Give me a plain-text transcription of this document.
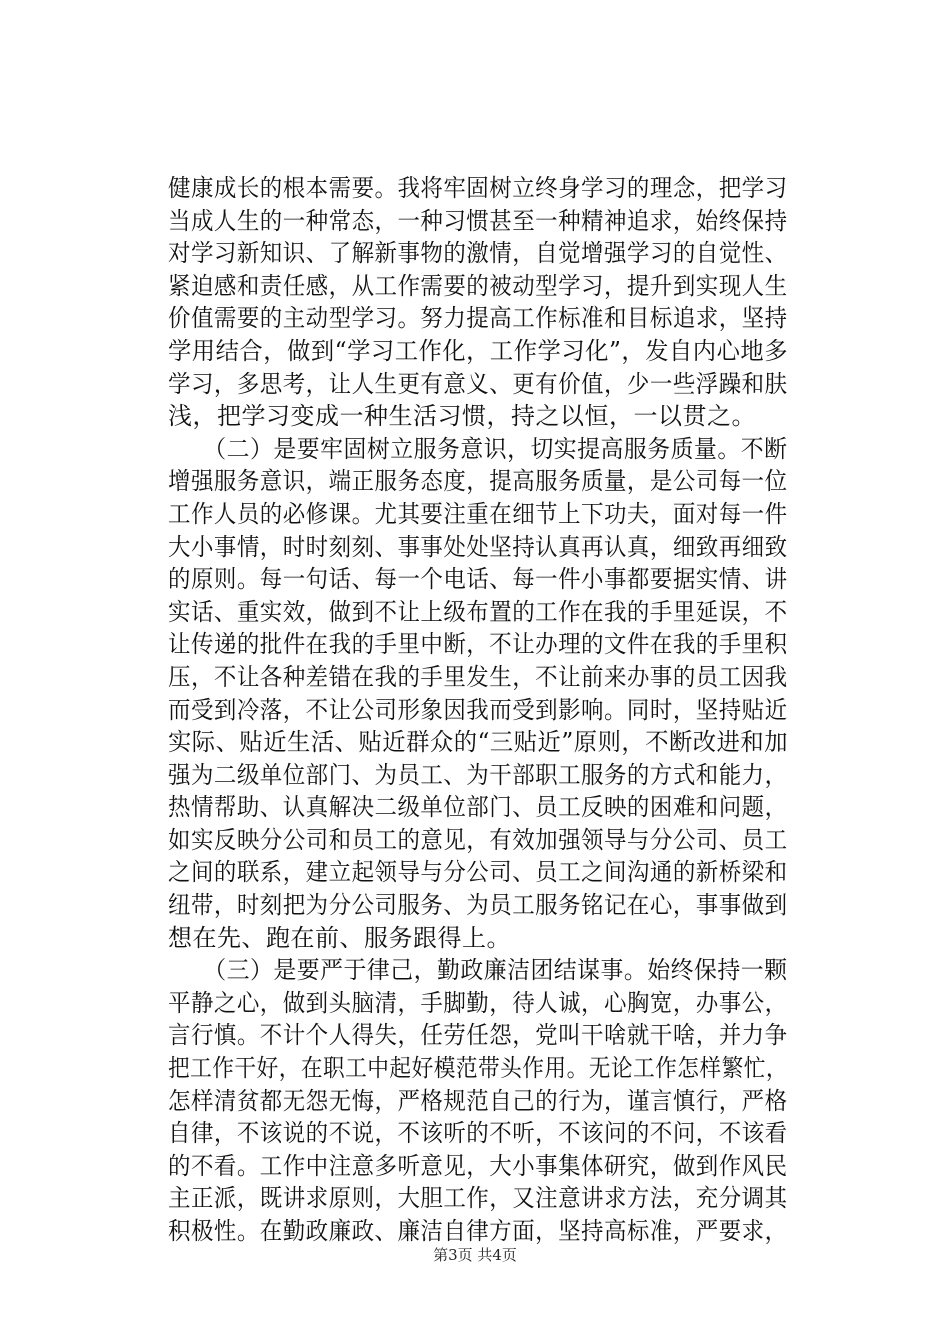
健康成长的根本需要。我将牢固树立终身学习的理念，把学习
当成人生的一种常态，一种习惯甚至一种精神追求，始终保持
对学习新知识、了解新事物的激情，自觉增强学习的自觉性、
紧迫感和责任感，从工作需要的被动型学习，提升到实现人生
价值需要的主动型学习。努力提高工作标准和目标追求，坚持
学用结合，做到“学习工作化，工作学习化”，发自内心地多
学习，多思考，让人生更有意义、更有价值，少一些浮躁和肤
浅，把学习变成一种生活习惯，持之以恒，一以贯之。
　　（二）是要牢固树立服务意识，切实提高服务质量。不断
增强服务意识，端正服务态度，提高服务质量，是公司每一位
工作人员的必修课。尤其要注重在细节上下功夫，面对每一件
大小事情，时时刻刻、事事处处坚持认真再认真，细致再细致
的原则。每一句话、每一个电话、每一件小事都要据实情、讲
实话、重实效，做到不让上级布置的工作在我的手里延误，不
让传递的批件在我的手里中断，不让办理的文件在我的手里积
压，不让各种差错在我的手里发生，不让前来办事的员工因我
而受到冷落，不让公司形象因我而受到影响。同时，坚持贴近
实际、贴近生活、贴近群众的“三贴近”原则，不断改进和加
强为二级单位部门、为员工、为干部职工服务的方式和能力，
热情帮助、认真解决二级单位部门、员工反映的困难和问题，
如实反映分公司和员工的意见，有效加强领导与分公司、员工
之间的联系，建立起领导与分公司、员工之间沟通的新桥梁和
纽带，时刻把为分公司服务、为员工服务铭记在心，事事做到
想在先、跑在前、服务跟得上。
　　（三）是要严于律己，勤政廉洁团结谋事。始终保持一颗
平静之心，做到头脑清，手脚勤，待人诚，心胸宽，办事公，
言行慎。不计个人得失，任劳任怨，党叫干啥就干啥，并力争
把工作干好，在职工中起好模范带头作用。无论工作怎样繁忙，
怎样清贫都无怨无悔，严格规范自己的行为，谨言慎行，严格
自律，不该说的不说，不该听的不听，不该问的不问，不该看
的不看。工作中注意多听意见，大小事集体研究，做到作风民
主正派，既讲求原则，大胆工作，又注意讲求方法，充分调其
积极性。在勤政廉政、廉洁自律方面，坚持高标准，严要求，
第3页 共4页
